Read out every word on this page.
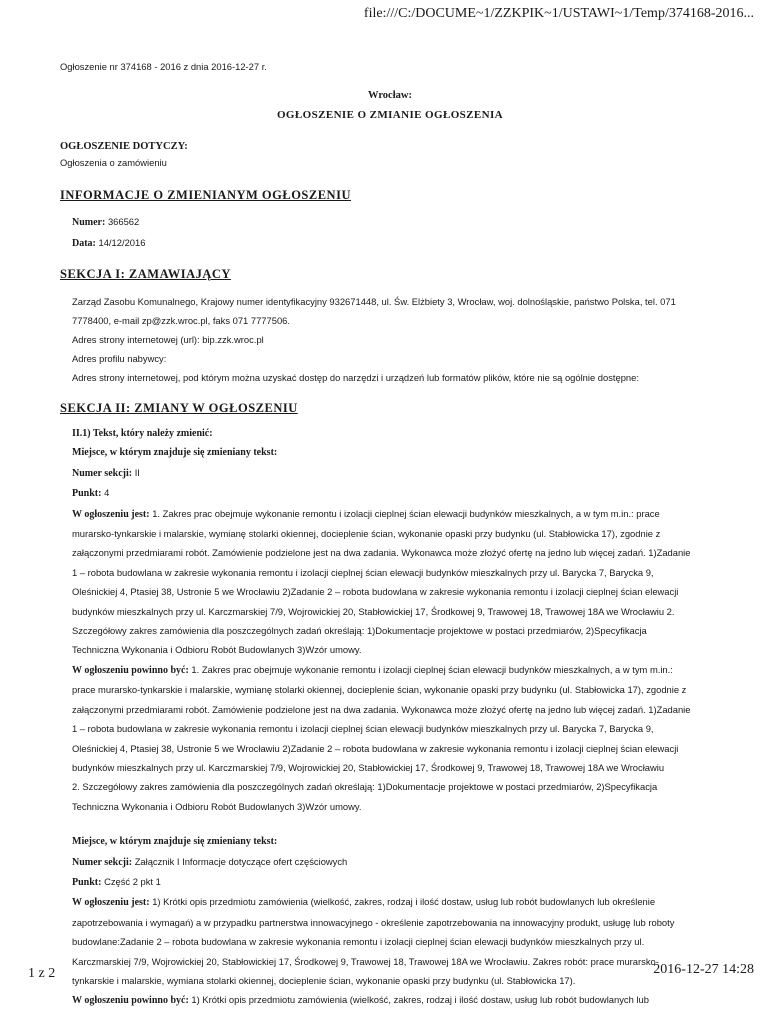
file:///C:/DOCUME~1/ZZKPIK~1/USTAWI~1/Temp/374168-2016...

Ogłoszenie nr 374168 - 2016 z dnia 2016-12-27 r.

Wrocław:

OGŁOSZENIE O ZMIANIE OGŁOSZENIA

OGŁOSZENIE DOTYCZY:

Ogłoszenia o zamówieniu

INFORMACJE O ZMIENIANYM OGŁOSZENIU

Numer: 366562
Data: 14/12/2016

SEKCJA I: ZAMAWIAJĄCY

Zarząd Zasobu Komunalnego, Krajowy numer identyfikacyjny 932671448, ul. Św. Elżbiety 3, Wrocław, woj. dolnośląskie, państwo Polska, tel. 071

7778400, e-mail zp@zzk.wroc.pl, faks 071 7777506.

Adres strony internetowej (url): bip.zzk.wroc.pl

Adres profilu nabywcy:

Adres strony internetowej, pod którym można uzyskać dostęp do narzędzi i urządzeń lub formatów plików, które nie są ogólnie dostępne:

SEKCJA II: ZMIANY W OGŁOSZENIU

II.1) Tekst, który należy zmienić:

Miejsce, w którym znajduje się zmieniany tekst:

Numer sekcji: II

Punkt: 4

W ogłoszeniu jest: 1. Zakres prac obejmuje wykonanie remontu i izolacji cieplnej ścian elewacji budynków mieszkalnych, a w tym m.in.: prace

murarsko-tynkarskie i malarskie, wymianę stolarki okiennej, docieplenie ścian, wykonanie opaski przy budynku (ul. Stabłowicka 17), zgodnie z

załączonymi przedmiarami robót. Zamówienie podzielone jest na dwa zadania. Wykonawca może złożyć ofertę na jedno lub więcej zadań. 1)Zadanie

1 – robota budowlana w zakresie wykonania remontu i izolacji cieplnej ścian elewacji budynków mieszkalnych przy ul. Barycka 7, Barycka 9,

Oleśnickiej 4, Ptasiej 38, Ustronie 5 we Wrocławiu 2)Zadanie 2 – robota budowlana w zakresie wykonania remontu i izolacji cieplnej ścian elewacji

budynków mieszkalnych przy ul. Karczmarskiej 7/9, Wojrowickiej 20, Stabłowickiej 17, Środkowej 9, Trawowej 18, Trawowej 18A we Wrocławiu 2.

Szczegółowy zakres zamówienia dla poszczególnych zadań określają: 1)Dokumentacje projektowe w postaci przedmiarów, 2)Specyfikacja

Techniczna Wykonania i Odbioru Robót Budowlanych 3)Wzór umowy.

W ogłoszeniu powinno być: 1. Zakres prac obejmuje wykonanie remontu i izolacji cieplnej ścian elewacji budynków mieszkalnych, a w tym m.in.:

prace murarsko-tynkarskie i malarskie, wymianę stolarki okiennej, docieplenie ścian, wykonanie opaski przy budynku (ul. Stabłowicka 17), zgodnie z

załączonymi przedmiarami robót. Zamówienie podzielone jest na dwa zadania. Wykonawca może złożyć ofertę na jedno lub więcej zadań. 1)Zadanie

1 – robota budowlana w zakresie wykonania remontu i izolacji cieplnej ścian elewacji budynków mieszkalnych przy ul. Barycka 7, Barycka 9,

Oleśnickiej 4, Ptasiej 38, Ustronie 5 we Wrocławiu 2)Zadanie 2 – robota budowlana w zakresie wykonania remontu i izolacji cieplnej ścian elewacji

budynków mieszkalnych przy ul. Karczmarskiej 7/9, Wojrowickiej 20, Stabłowickiej 17, Środkowej 9, Trawowej 18, Trawowej 18A we Wrocławiu

2. Szczegółowy zakres zamówienia dla poszczególnych zadań określają: 1)Dokumentacje projektowe w postaci przedmiarów, 2)Specyfikacja

Techniczna Wykonania i Odbioru Robót Budowlanych 3)Wzór umowy.

Miejsce, w którym znajduje się zmieniany tekst:

Numer sekcji: Załącznik I Informacje dotyczące ofert częściowych

Punkt: Część 2 pkt 1

W ogłoszeniu jest: 1) Krótki opis przedmiotu zamówienia (wielkość, zakres, rodzaj i ilość dostaw, usług lub robót budowlanych lub określenie

zapotrzebowania i wymagań) a w przypadku partnerstwa innowacyjnego - określenie zapotrzebowania na innowacyjny produkt, usługę lub roboty

budowlane:Zadanie 2 – robota budowlana w zakresie wykonania remontu i izolacji cieplnej ścian elewacji budynków mieszkalnych przy ul.

Karczmarskiej 7/9, Wojrowickiej 20, Stabłowickiej 17, Środkowej 9, Trawowej 18, Trawowej 18A we Wrocławiu. Zakres robót: prace murarsko-

tynkarskie i malarskie, wymiana stolarki okiennej, docieplenie ścian, wykonanie opaski przy budynku (ul. Stabłowicka 17).

W ogłoszeniu powinno być: 1) Krótki opis przedmiotu zamówienia (wielkość, zakres, rodzaj i ilość dostaw, usług lub robót budowlanych lub

1 z 2	2016-12-27 14:28
